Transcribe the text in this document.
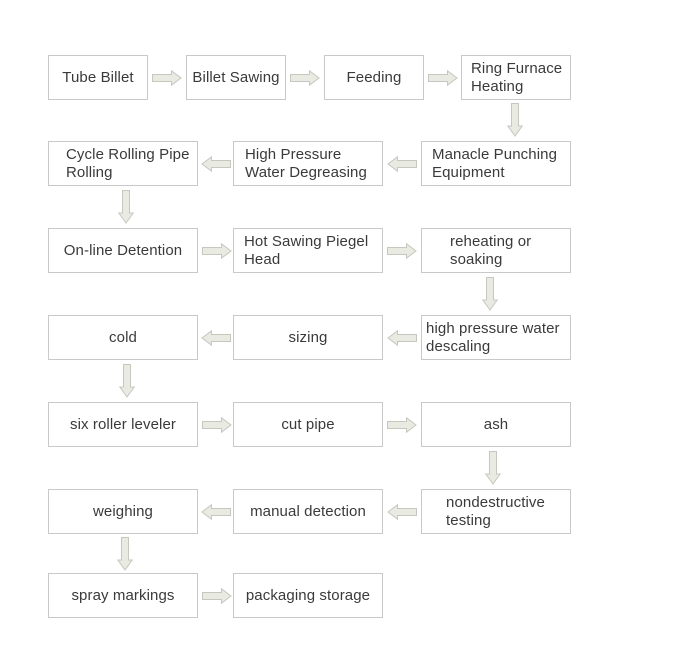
Tube Billet	Billet Sawing	Feeding
Ring Furnace
Heating
Cycle Rolling Pipe
Rolling
High Pressure
Water Degreasing
Manacle Punching
Equipment
On-line Detention
Hot Sawing Piegel
Head
reheating or
soaking
cold	sizing
high pressure water
descaling
six roller leveler	cut pipe	ash
weighing	manual detection
nondestructive
testing
spray markings	packaging storage
